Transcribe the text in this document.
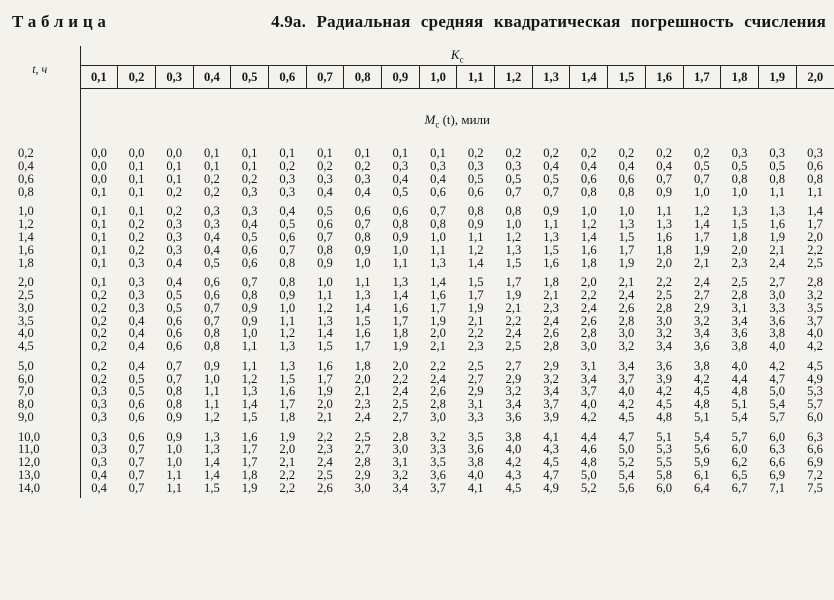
Таблица	4.9а. Радиальная средняя квадратическая погрешность счисления
t, ч	$K_с$
	0,1	0,2	0,3	0,4	0,5	0,6	0,7	0,8	0,9	1,0	1,1	1,2	1,3	1,4	1,5	1,6	1,7	1,8	1,9	2,0
	$M_с$ (t), мили																			
0,2	0,0	0,0	0,0	0,1	0,1	0,1	0,1	0,1	0,1	0,1	0,2	0,2	0,2	0,2	0,2	0,2	0,2	0,3	0,3	0,3
0,4	0,0	0,1	0,1	0,1	0,1	0,2	0,2	0,2	0,3	0,3	0,3	0,3	0,4	0,4	0,4	0,4	0,5	0,5	0,5	0,6
0,6	0,0	0,1	0,1	0,2	0,2	0,3	0,3	0,3	0,4	0,4	0,5	0,5	0,5	0,6	0,6	0,7	0,7	0,8	0,8	0,8
0,8	0,1	0,1	0,2	0,2	0,3	0,3	0,4	0,4	0,5	0,6	0,6	0,7	0,7	0,8	0,8	0,9	1,0	1,0	1,1	1,1

1,0	0,1	0,1	0,2	0,3	0,3	0,4	0,5	0,6	0,6	0,7	0,8	0,8	0,9	1,0	1,0	1,1	1,2	1,3	1,3	1,4
1,2	0,1	0,2	0,3	0,3	0,4	0,5	0,6	0,7	0,8	0,8	0,9	1,0	1,1	1,2	1,3	1,3	1,4	1,5	1,6	1,7
1,4	0,1	0,2	0,3	0,4	0,5	0,6	0,7	0,8	0,9	1,0	1,1	1,2	1,3	1,4	1,5	1,6	1,7	1,8	1,9	2,0
1,6	0,1	0,2	0,3	0,4	0,6	0,7	0,8	0,9	1,0	1,1	1,2	1,3	1,5	1,6	1,7	1,8	1,9	2,0	2,1	2,2
1,8	0,1	0,3	0,4	0,5	0,6	0,8	0,9	1,0	1,1	1,3	1,4	1,5	1,6	1,8	1,9	2,0	2,1	2,3	2,4	2,5

2,0	0,1	0,3	0,4	0,6	0,7	0,8	1,0	1,1	1,3	1,4	1,5	1,7	1,8	2,0	2,1	2,2	2,4	2,5	2,7	2,8
2,5	0,2	0,3	0,5	0,6	0,8	0,9	1,1	1,3	1,4	1,6	1,7	1,9	2,1	2,2	2,4	2,5	2,7	2,8	3,0	3,2
3,0	0,2	0,3	0,5	0,7	0,9	1,0	1,2	1,4	1,6	1,7	1,9	2,1	2,3	2,4	2,6	2,8	2,9	3,1	3,3	3,5
3,5	0,2	0,4	0,6	0,7	0,9	1,1	1,3	1,5	1,7	1,9	2,1	2,2	2,4	2,6	2,8	3,0	3,2	3,4	3,6	3,7
4,0	0,2	0,4	0,6	0,8	1,0	1,2	1,4	1,6	1,8	2,0	2,2	2,4	2,6	2,8	3,0	3,2	3,4	3,6	3,8	4,0
4,5	0,2	0,4	0,6	0,8	1,1	1,3	1,5	1,7	1,9	2,1	2,3	2,5	2,8	3,0	3,2	3,4	3,6	3,8	4,0	4,2

5,0	0,2	0,4	0,7	0,9	1,1	1,3	1,6	1,8	2,0	2,2	2,5	2,7	2,9	3,1	3,4	3,6	3,8	4,0	4,2	4,5
6,0	0,2	0,5	0,7	1,0	1,2	1,5	1,7	2,0	2,2	2,4	2,7	2,9	3,2	3,4	3,7	3,9	4,2	4,4	4,7	4,9
7,0	0,3	0,5	0,8	1,1	1,3	1,6	1,9	2,1	2,4	2,6	2,9	3,2	3,4	3,7	4,0	4,2	4,5	4,8	5,0	5,3
8,0	0,3	0,6	0,8	1,1	1,4	1,7	2,0	2,3	2,5	2,8	3,1	3,4	3,7	4,0	4,2	4,5	4,8	5,1	5,4	5,7
9,0	0,3	0,6	0,9	1,2	1,5	1,8	2,1	2,4	2,7	3,0	3,3	3,6	3,9	4,2	4,5	4,8	5,1	5,4	5,7	6,0

10,0	0,3	0,6	0,9	1,3	1,6	1,9	2,2	2,5	2,8	3,2	3,5	3,8	4,1	4,4	4,7	5,1	5,4	5,7	6,0	6,3
11,0	0,3	0,7	1,0	1,3	1,7	2,0	2,3	2,7	3,0	3,3	3,6	4,0	4,3	4,6	5,0	5,3	5,6	6,0	6,3	6,6
12,0	0,3	0,7	1,0	1,4	1,7	2,1	2,4	2,8	3,1	3,5	3,8	4,2	4,5	4,8	5,2	5,5	5,9	6,2	6,6	6,9
13,0	0,4	0,7	1,1	1,4	1,8	2,2	2,5	2,9	3,2	3,6	4,0	4,3	4,7	5,0	5,4	5,8	6,1	6,5	6,9	7,2
14,0	0,4	0,7	1,1	1,5	1,9	2,2	2,6	3,0	3,4	3,7	4,1	4,5	4,9	5,2	5,6	6,0	6,4	6,7	7,1	7,5
